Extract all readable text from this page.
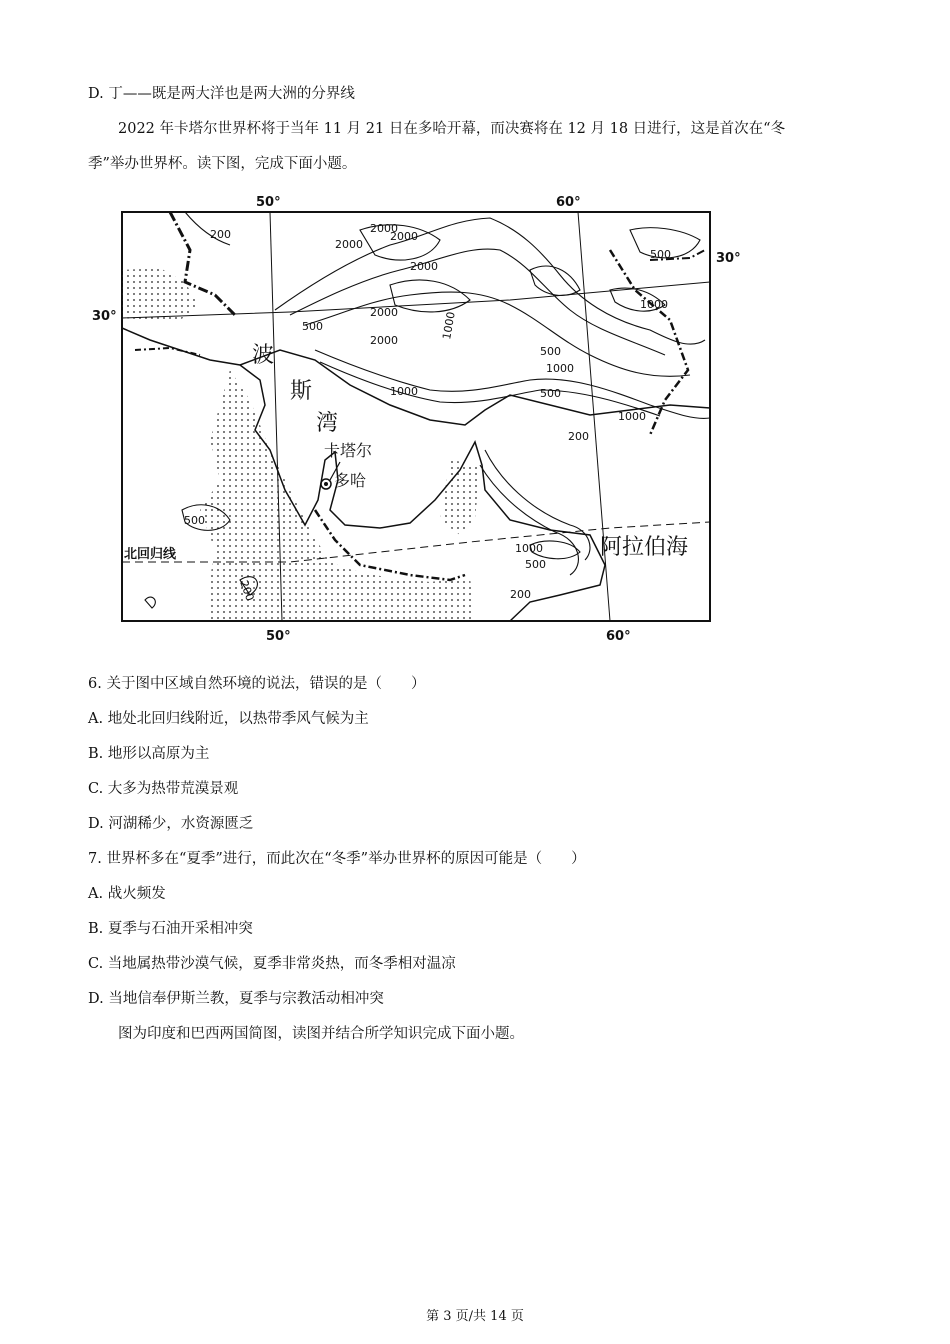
D. 丁——既是两大洋也是两大洲的分界线
2022 年卡塔尔世界杯将于当年 11 月 21 日在多哈开幕，而决赛将在 12 月 18 日进行，这是首次在“冬
季”举办世界杯。读下图，完成下面小题。
50°	60°
50°	60°
30°
30°
200	2000
2000
2000
2000
500
2000
2000	1000
1000
500
1000
500
200
1000
500
1000
1000
500
200
500
200
波
斯
湾
卡塔尔
多哈
阿拉伯海
北回归线
6. 关于图中区域自然环境的说法，错误的是（　　）
A. 地处北回归线附近，以热带季风气候为主
B. 地形以高原为主
C. 大多为热带荒漠景观
D. 河湖稀少，水资源匮乏
7. 世界杯多在“夏季”进行，而此次在“冬季”举办世界杯的原因可能是（　　）
A. 战火频发
B. 夏季与石油开采相冲突
C. 当地属热带沙漠气候，夏季非常炎热，而冬季相对温凉
D. 当地信奉伊斯兰教，夏季与宗教活动相冲突
图为印度和巴西两国简图，读图并结合所学知识完成下面小题。
第 3 页/共 14 页
